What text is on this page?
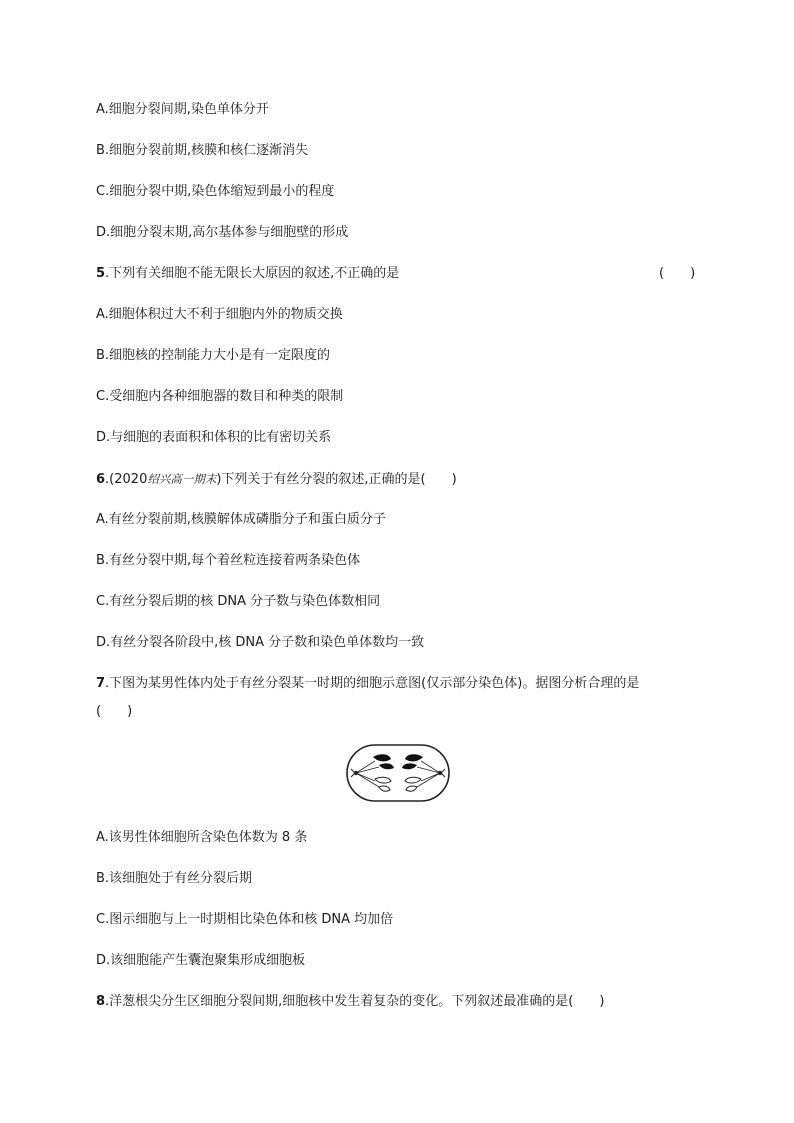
A.细胞分裂间期,染色单体分开
B.细胞分裂前期,核膜和核仁逐渐消失
C.细胞分裂中期,染色体缩短到最小的程度
D.细胞分裂末期,高尔基体参与细胞壁的形成
5.下列有关细胞不能无限长大原因的叙述,不正确的是	(　　)
A.细胞体积过大不利于细胞内外的物质交换
B.细胞核的控制能力大小是有一定限度的
C.受细胞内各种细胞器的数目和种类的限制
D.与细胞的表面积和体积的比有密切关系
6.(2020绍兴高一期末)下列关于有丝分裂的叙述,正确的是(　　)
A.有丝分裂前期,核膜解体成磷脂分子和蛋白质分子
B.有丝分裂中期,每个着丝粒连接着两条染色体
C.有丝分裂后期的核 DNA 分子数与染色体数相同
D.有丝分裂各阶段中,核 DNA 分子数和染色单体数均一致
7.下图为某男性体内处于有丝分裂某一时期的细胞示意图(仅示部分染色体)。据图分析合理的是
(　　)
A.该男性体细胞所含染色体数为 8 条
B.该细胞处于有丝分裂后期
C.图示细胞与上一时期相比染色体和核 DNA 均加倍
D.该细胞能产生囊泡聚集形成细胞板
8.洋葱根尖分生区细胞分裂间期,细胞核中发生着复杂的变化。下列叙述最准确的是(　　)
